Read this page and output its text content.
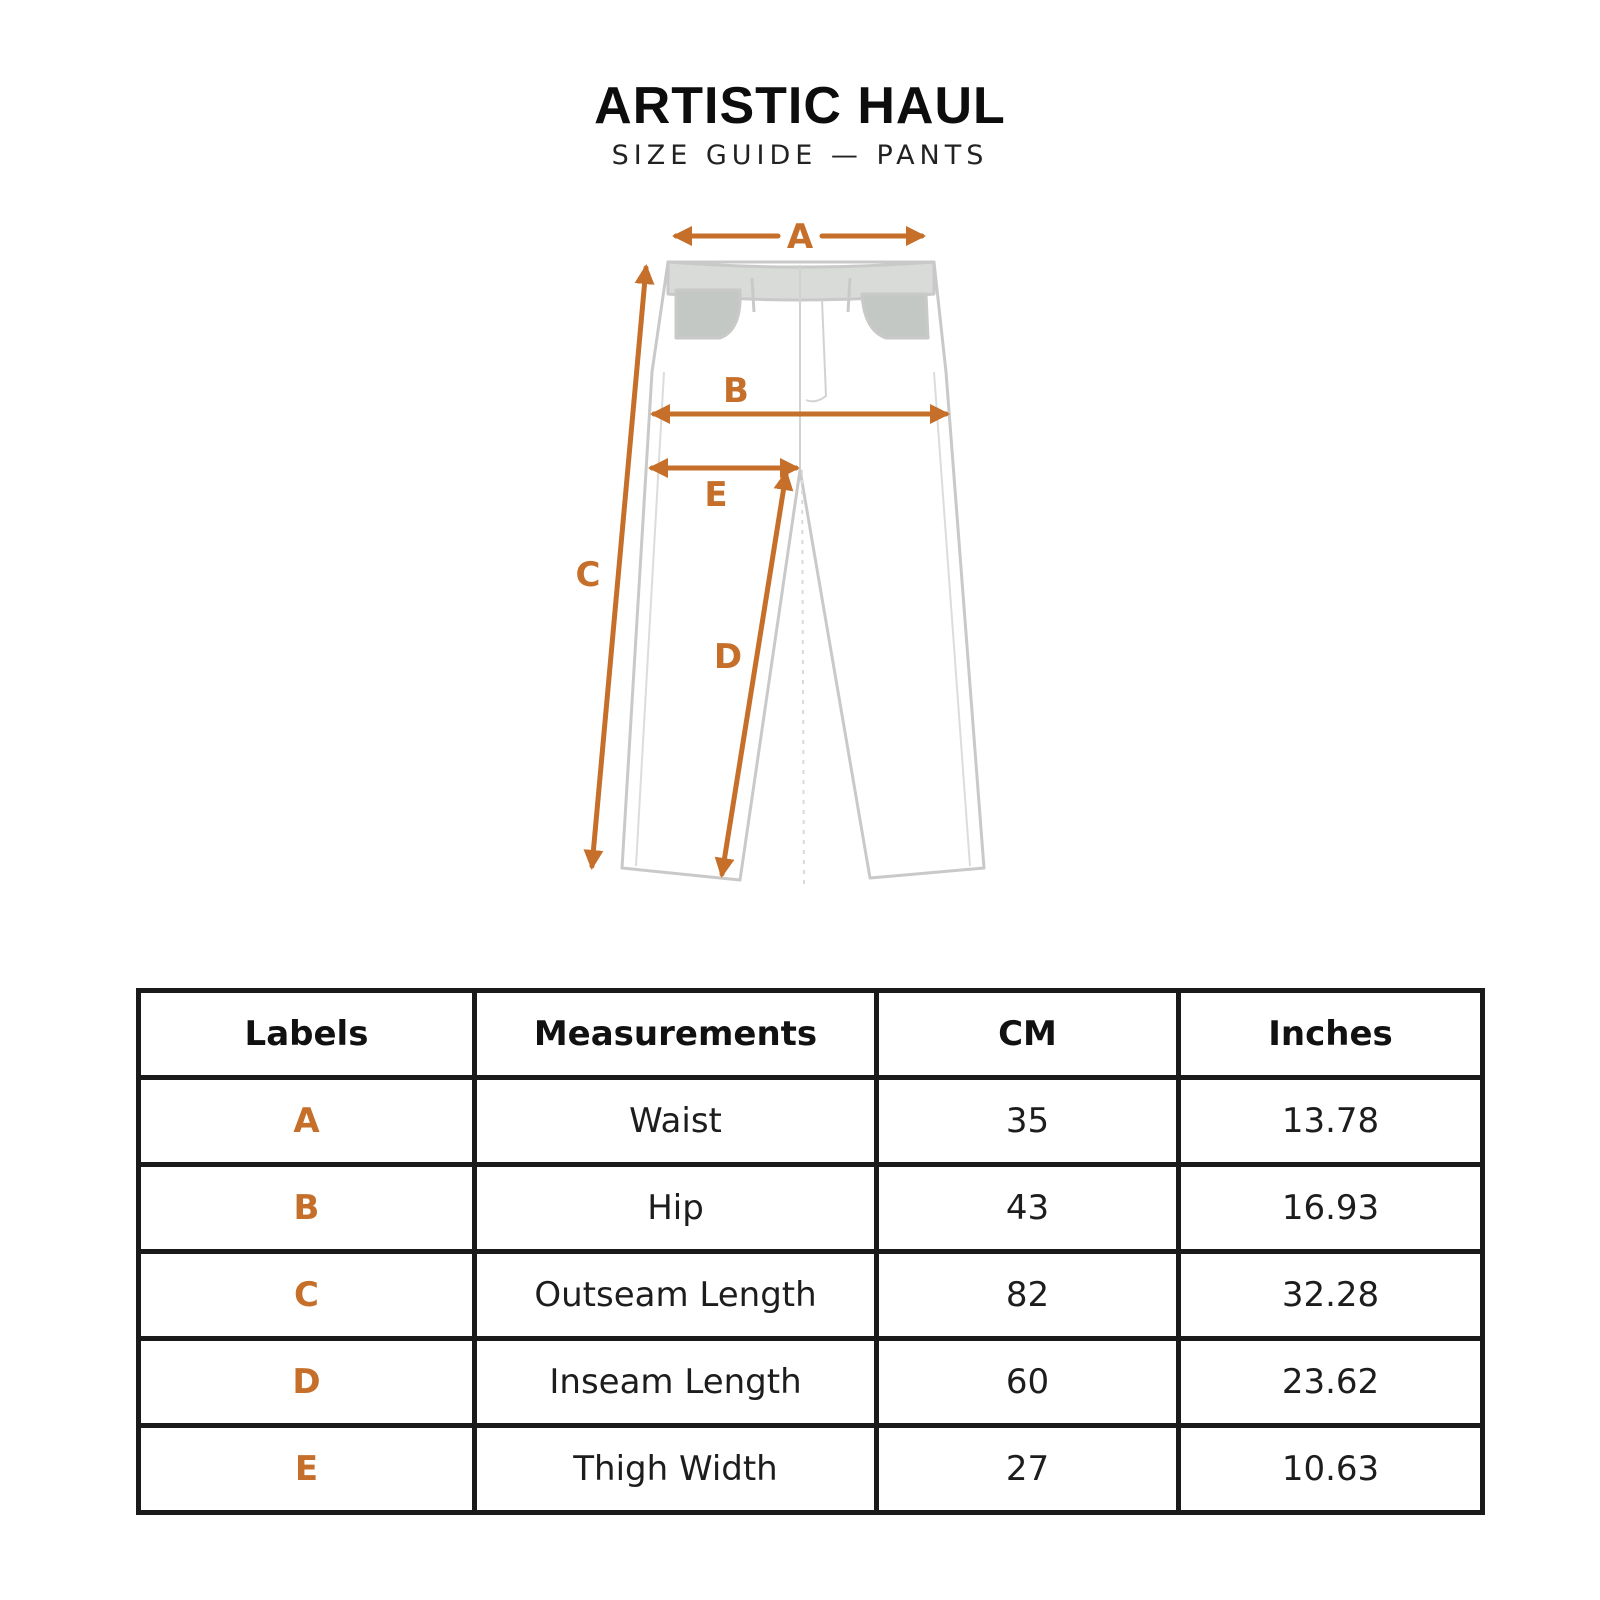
ARTISTIC HAUL
SIZE GUIDE — PANTS
A
B
C
D
E
Labels	Measurements	CM	Inches
A	Waist	35	13.78
B	Hip	43	16.93
C	Outseam Length	82	32.28
D	Inseam Length	60	23.62
E	Thigh Width	27	10.63
